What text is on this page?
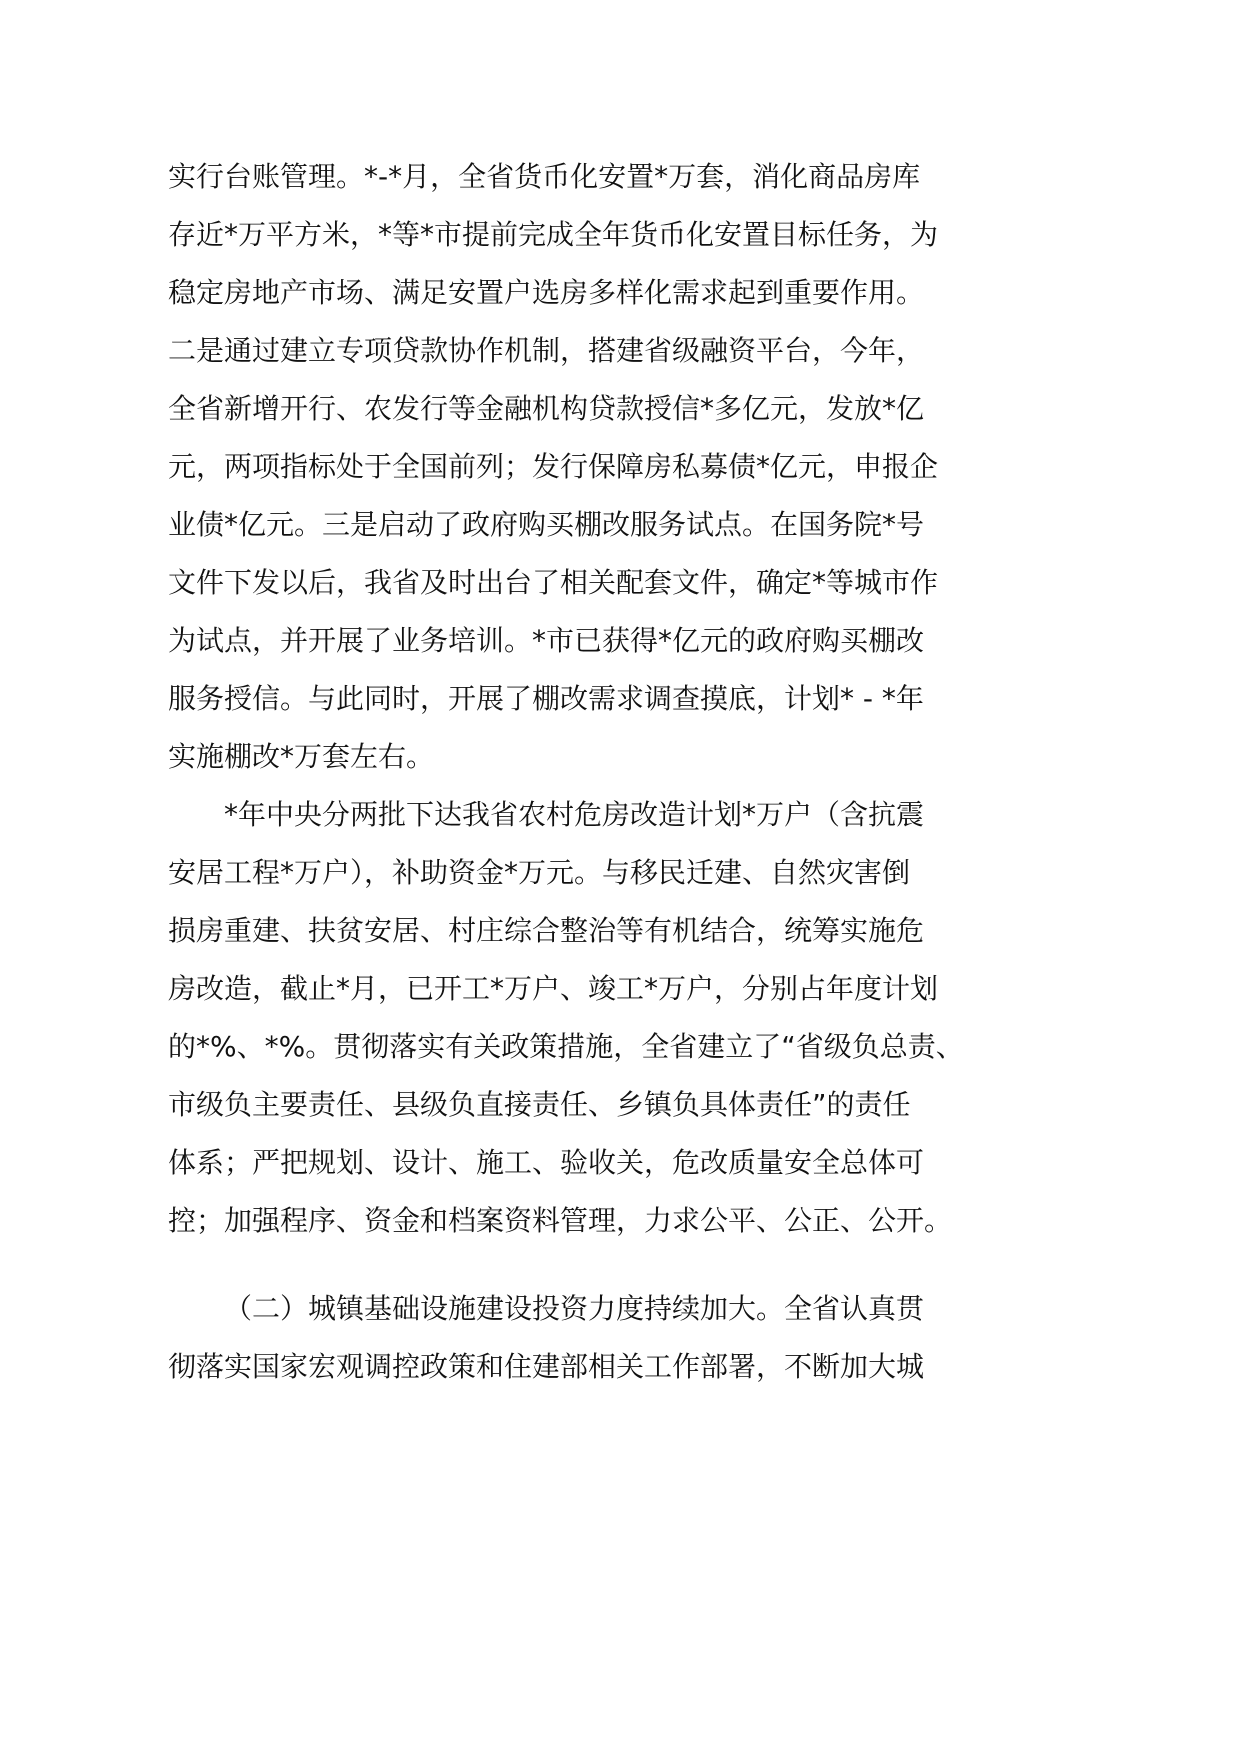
实行台账管理。*-*月，全省货币化安置*万套，消化商品房库
存近*万平方米，*等*市提前完成全年货币化安置目标任务，为
稳定房地产市场、满足安置户选房多样化需求起到重要作用。
二是通过建立专项贷款协作机制，搭建省级融资平台，今年，
全省新增开行、农发行等金融机构贷款授信*多亿元，发放*亿
元，两项指标处于全国前列；发行保障房私募债*亿元，申报企
业债*亿元。三是启动了政府购买棚改服务试点。在国务院*号
文件下发以后，我省及时出台了相关配套文件，确定*等城市作
为试点，并开展了业务培训。*市已获得*亿元的政府购买棚改
服务授信。与此同时，开展了棚改需求调查摸底，计划* - *年
实施棚改*万套左右。
*年中央分两批下达我省农村危房改造计划*万户（含抗震
安居工程*万户），补助资金*万元。与移民迁建、自然灾害倒
损房重建、扶贫安居、村庄综合整治等有机结合，统筹实施危
房改造，截止*月，已开工*万户、竣工*万户，分别占年度计划
的*%、*%。贯彻落实有关政策措施，全省建立了“省级负总责、
市级负主要责任、县级负直接责任、乡镇负具体责任”的责任
体系；严把规划、设计、施工、验收关，危改质量安全总体可
控；加强程序、资金和档案资料管理，力求公平、公正、公开。
（二）城镇基础设施建设投资力度持续加大。全省认真贯
彻落实国家宏观调控政策和住建部相关工作部署，不断加大城
